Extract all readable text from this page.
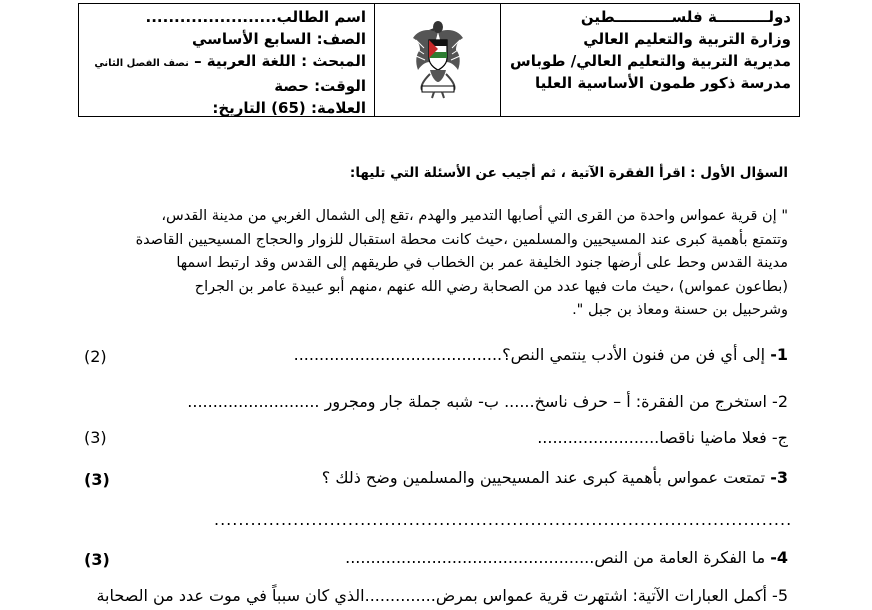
دولــــــــــة فلســـــــــــطين
وزارة التربية والتعليم العالي
مديرية التربية والتعليم العالي/ طوباس
مدرسة ذكور طمون الأساسية العليا
اسم الطالب.......................
الصف: السابع الأساسي
المبحث : اللغة العربية – نصف الفصل الثاني
الوقت: حصة
العلامة: (65) التاريخ:
السؤال الأول : اقرأ الفقرة الآتية ، ثم أجيب عن الأسئلة التي تليها:
" إن قرية عمواس واحدة من القرى التي أصابها التدمير والهدم ،تقع إلى الشمال الغربي من مدينة القدس،
وتتمتع بأهمية كبرى عند المسيحيين والمسلمين ،حيث كانت محطة استقبال للزوار والحجاج المسيحيين القاصدة
مدينة القدس وحط على أرضها جنود الخليفة عمر بن الخطاب في طريقهم إلى القدس وقد ارتبط اسمها
(بطاعون عمواس) ،حيث مات فيها عدد من الصحابة رضي الله عنهم ،منهم أبو عبيدة عامر بن الجراح
وشرحبيل بن حسنة ومعاذ بن جبل ".
1- إلى أي فن من فنون الأدب ينتمي النص؟.........................................
(2)
2- استخرج من الفقرة: أ – حرف ناسخ...... ب- شبه جملة جار ومجرور ..........................
ج- فعلا ماضيا ناقصا........................
(3)
3- تمتعت عمواس بأهمية كبرى عند المسيحيين والمسلمين وضح ذلك ؟
(3)
...............................................................................................
4- ما الفكرة العامة من النص.................................................
(3)
5- أكمل العبارات الآتية: اشتهرت قرية عمواس بمرض..............الذي كان سبباً في موت عدد من الصحابة
